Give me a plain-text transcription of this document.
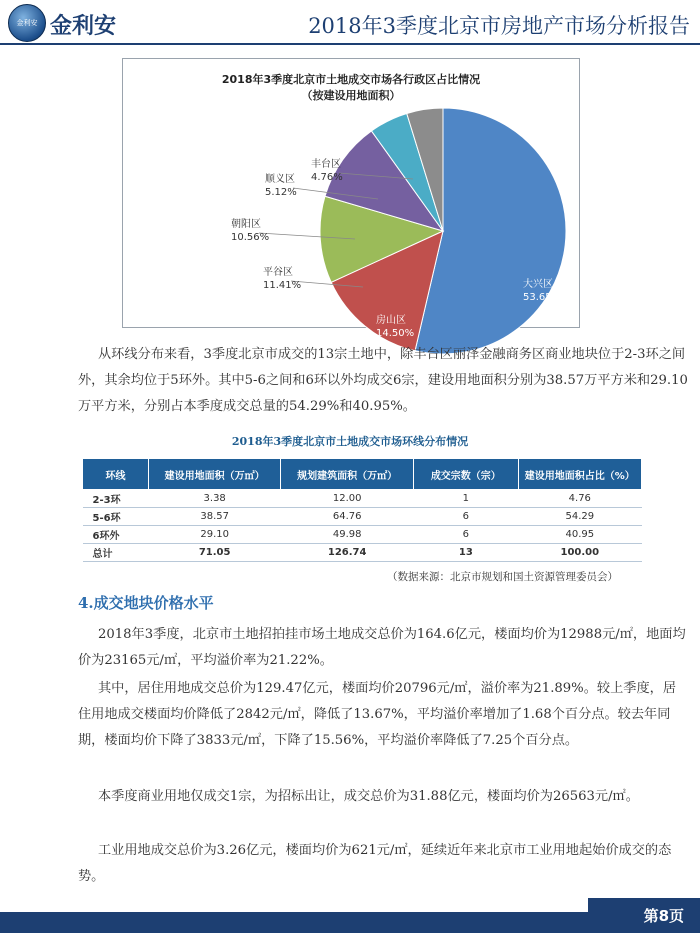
金利安 金利安	2018年3季度北京市房地产市场分析报告
2018年3季度北京市土地成交市场各行政区占比情况
（按建设用地面积）
大兴区
53.65%
房山区
14.50%
平谷区
11.41%
朝阳区
10.56%
顺义区
5.12%
丰台区
4.76%
从环线分布来看，3季度北京市成交的13宗土地中，除丰台区丽泽金融商务区商业地块位于2-3环之间外，其余均位于5环外。其中5-6之间和6环以外均成交6宗，建设用地面积分别为38.57万平方米和29.10万平方米，分别占本季度成交总量的54.29%和40.95%。
2018年3季度北京市土地成交市场环线分布情况
环线	建设用地面积（万㎡）	规划建筑面积（万㎡）	成交宗数（宗）	建设用地面积占比（%）
2-3环	3.38	12.00	1	4.76
5-6环	38.57	64.76	6	54.29
6环外	29.10	49.98	6	40.95
总计	71.05	126.74	13	100.00
（数据来源：北京市规划和国土资源管理委员会）
4.成交地块价格水平
2018年3季度，北京市土地招拍挂市场土地成交总价为164.6亿元，楼面均价为12988元/㎡，地面均价为23165元/㎡，平均溢价率为21.22%。
其中，居住用地成交总价为129.47亿元，楼面均价20796元/㎡，溢价率为21.89%。较上季度，居住用地成交楼面均价降低了2842元/㎡，降低了13.67%，平均溢价率增加了1.68个百分点。较去年同期，楼面均价下降了3833元/㎡，下降了15.56%，平均溢价率降低了7.25个百分点。
本季度商业用地仅成交1宗，为招标出让，成交总价为31.88亿元，楼面均价为26563元/㎡。
工业用地成交总价为3.26亿元，楼面均价为621元/㎡，延续近年来北京市工业用地起始价成交的态势。
第8页
